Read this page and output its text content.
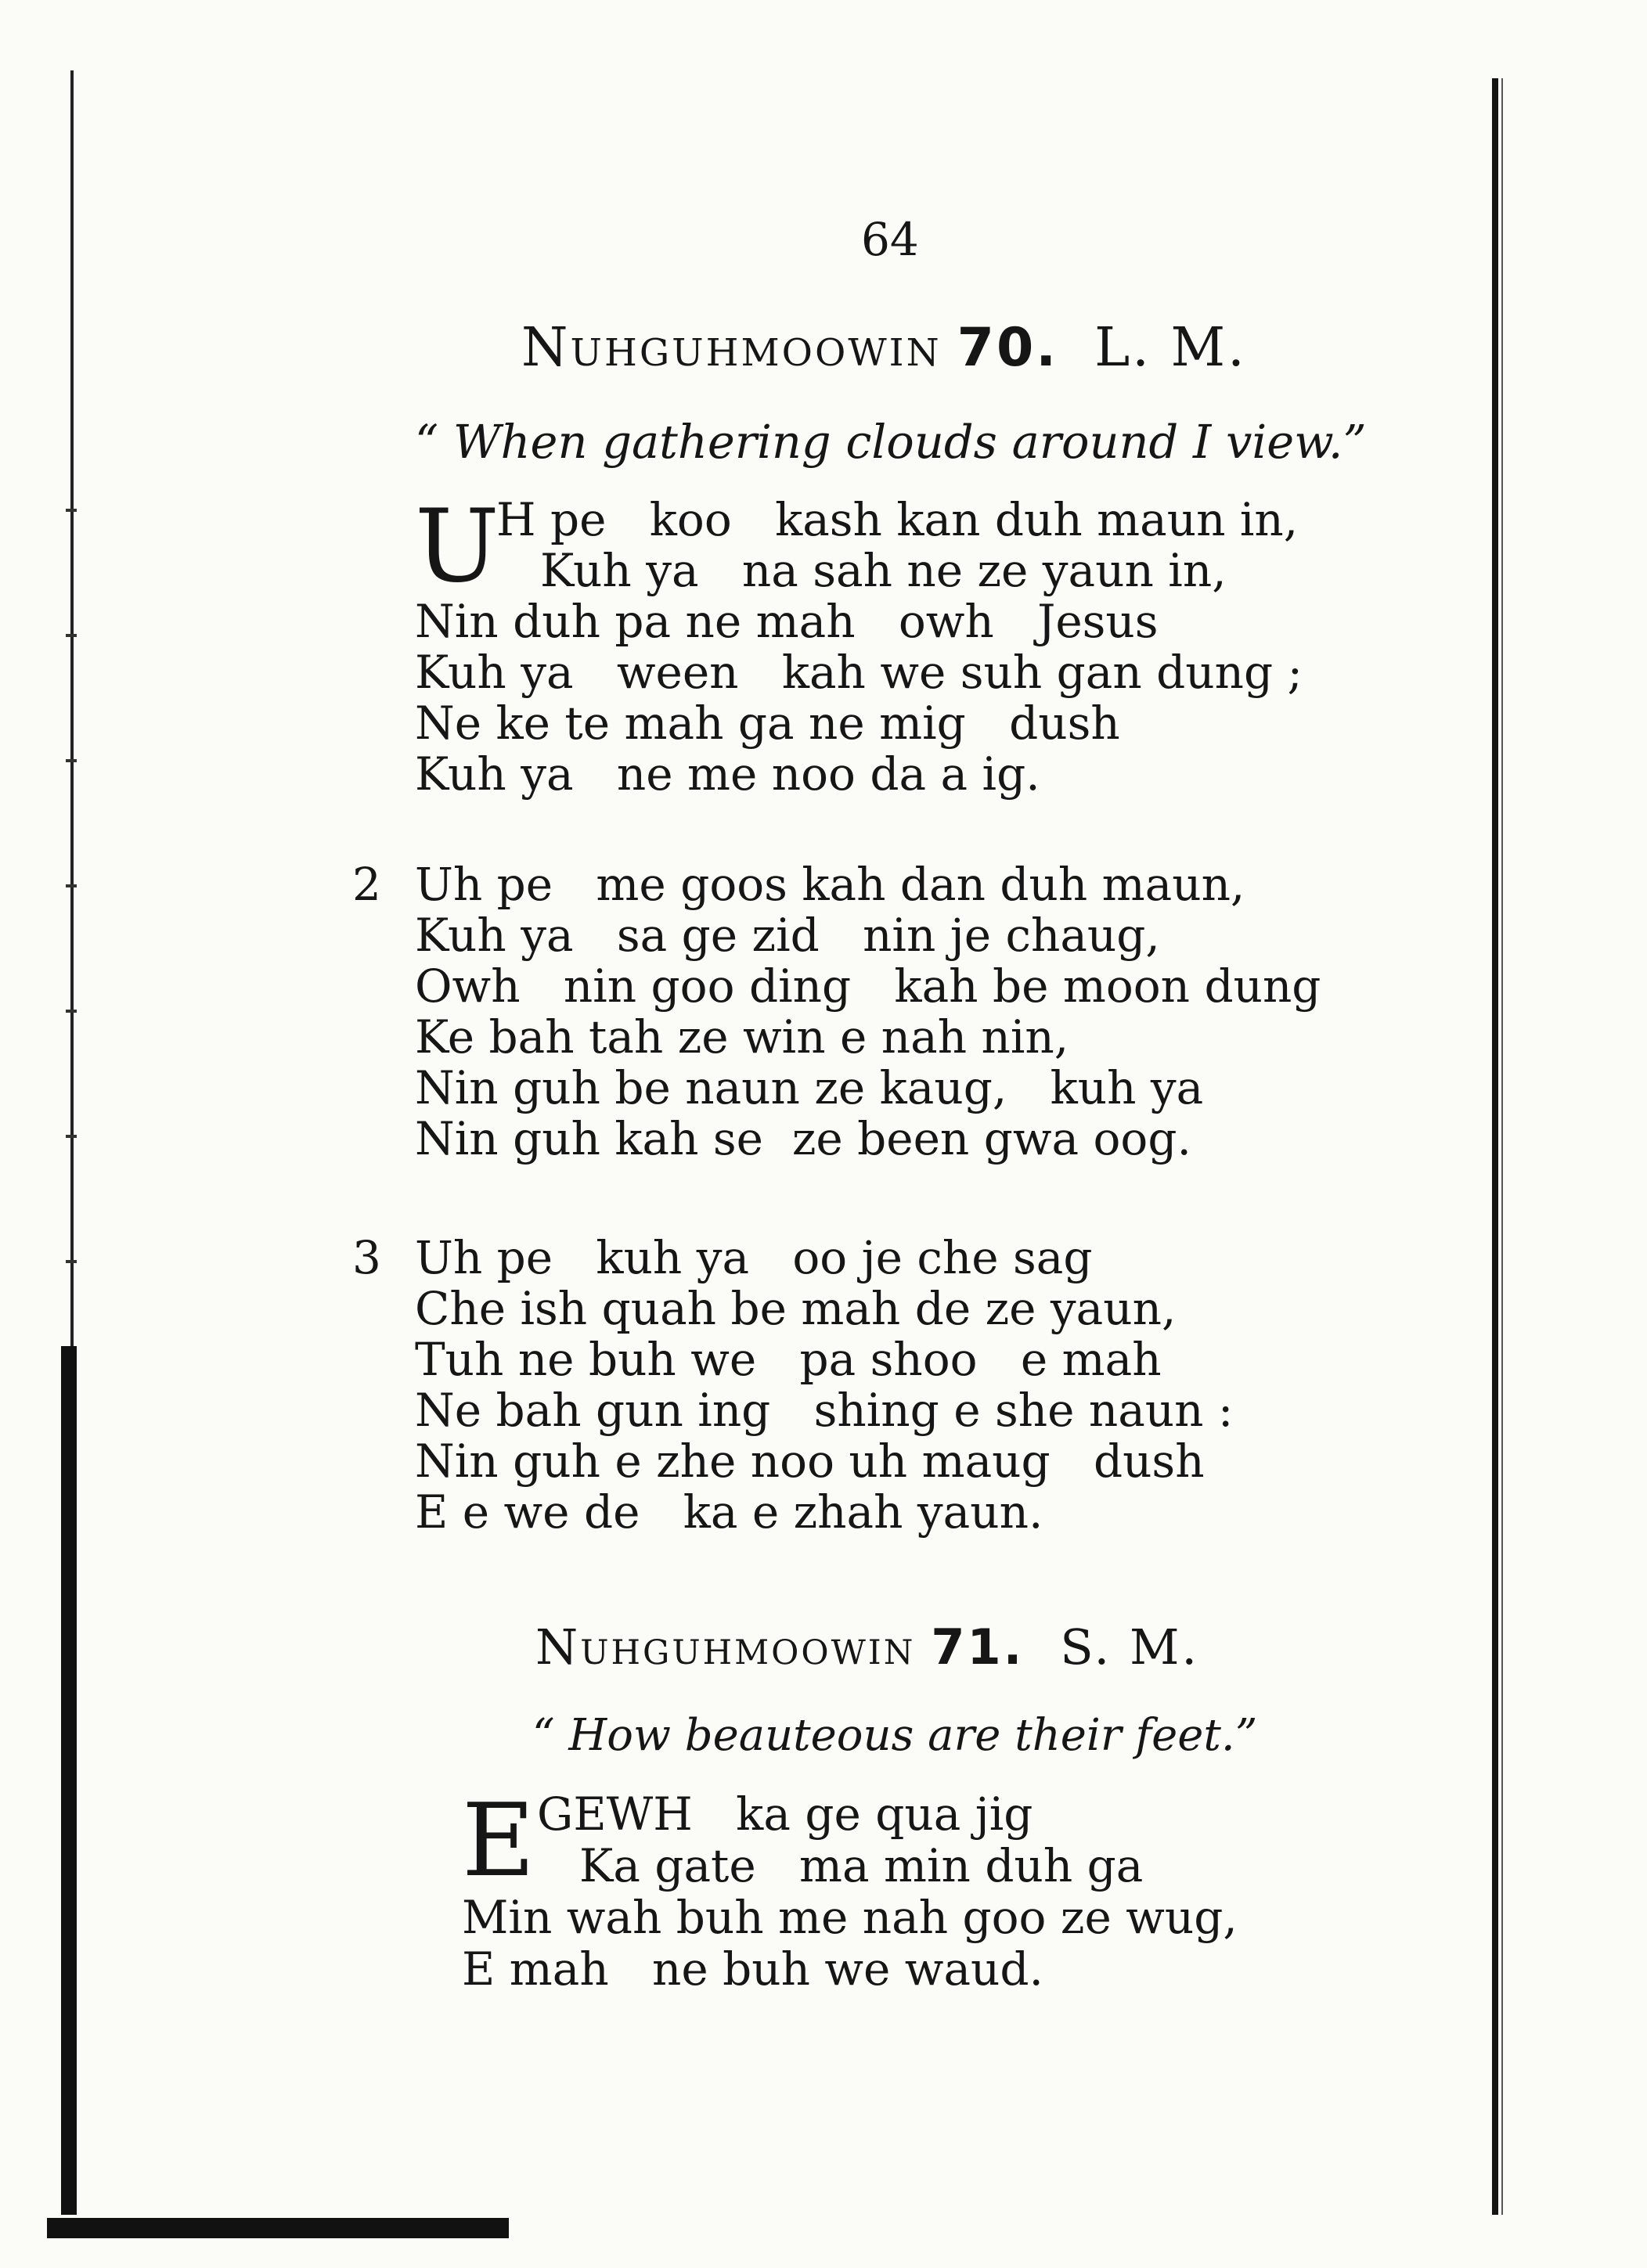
64
Nuhguhmoowin 70. L. M.
“ When gathering clouds around I view.”
U
H pe   koo   kash kan duh maun in,
Kuh ya   na sah ne ze yaun in,
Nin duh pa ne mah   owh   Jesus
Kuh ya   ween   kah we suh gan dung ;
Ne ke te mah ga ne mig   dush
Kuh ya   ne me noo da a ig.
2 Uh pe   me goos kah dan duh maun,
Kuh ya   sa ge zid   nin je chaug,
Owh   nin goo ding   kah be moon dung
Ke bah tah ze win e nah nin,
Nin guh be naun ze kaug,   kuh ya
Nin guh kah se  ze been gwa oog.
3 Uh pe   kuh ya   oo je che sag
Che ish quah be mah de ze yaun,
Tuh ne buh we   pa shoo   e mah
Ne bah gun ing   shing e she naun :
Nin guh e zhe noo uh maug   dush
E e we de   ka e zhah yaun.
Nuhguhmoowin 71. S. M.
“ How beauteous are their feet.”
E GEWH   ka ge qua jig
Ka gate   ma min duh ga
Min wah buh me nah goo ze wug,
E mah   ne buh we waud.
